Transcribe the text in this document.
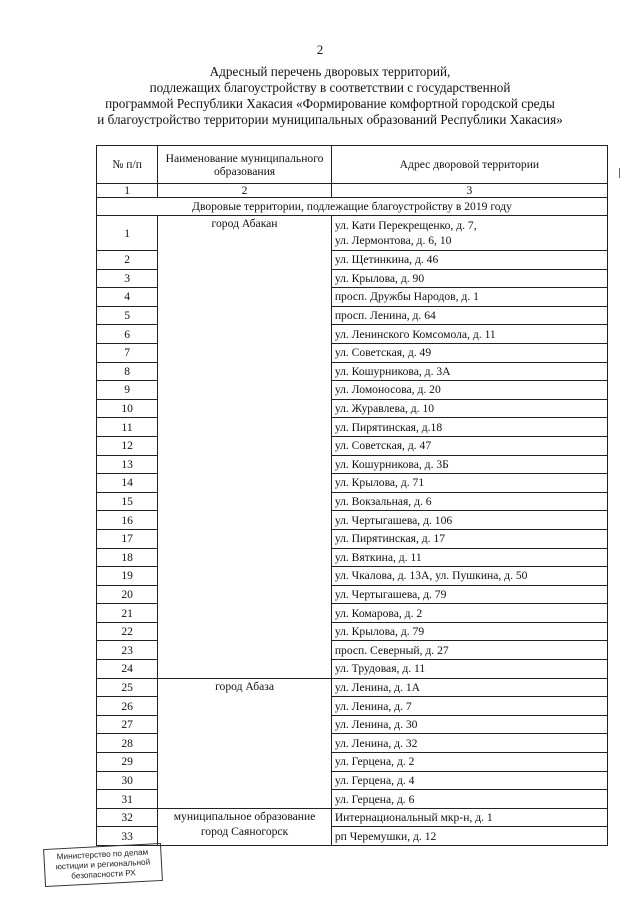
2
Адресный перечень дворовых территорий,
подлежащих благоустройству в соответствии с государственной
программой Республики Хакасия «Формирование комфортной городской среды
и благоустройство территории муниципальных образований Республики Хакасия»
№ п/п	Наименование муниципального образования	Адрес дворовой территории
1	2	3
Дворовые территории, подлежащие благоустройству в 2019 году		
1	город Абакан	ул. Кати Перекрещенко, д. 7,
ул. Лермонтова, д. 6, 10
2		ул. Щетинкина, д. 46
3		ул. Крылова, д. 90
4		просп. Дружбы Народов, д. 1
5		просп. Ленина, д. 64
6		ул. Ленинского Комсомола, д. 11
7		ул. Советская, д. 49
8		ул. Кошурникова, д. 3А
9		ул. Ломоносова, д. 20
10		ул. Журавлева, д. 10
11		ул. Пирятинская, д.18
12		ул. Советская, д. 47
13		ул. Кошурникова, д. 3Б
14		ул. Крылова, д. 71
15		ул. Вокзальная, д. 6
16		ул. Чертыгашева, д. 106
17		ул. Пирятинская, д. 17
18		ул. Вяткина, д. 11
19		ул. Чкалова, д. 13А, ул. Пушкина, д. 50
20		ул. Чертыгашева, д. 79
21		ул. Комарова, д. 2
22		ул. Крылова, д. 79
23		просп. Северный, д. 27
24		ул. Трудовая, д. 11
25	город Абаза	ул. Ленина, д. 1А
26		ул. Ленина, д. 7
27		ул. Ленина, д. 30
28		ул. Ленина, д. 32
29		ул. Герцена, д. 2
30		ул. Герцена, д. 4
31		ул. Герцена, д. 6
32	муниципальное образование
город Саяногорск	Интернациональный мкр-н, д. 1
33		рп Черемушки, д. 12
Министерство по делам
юстиции и региональной
безопасности РХ
